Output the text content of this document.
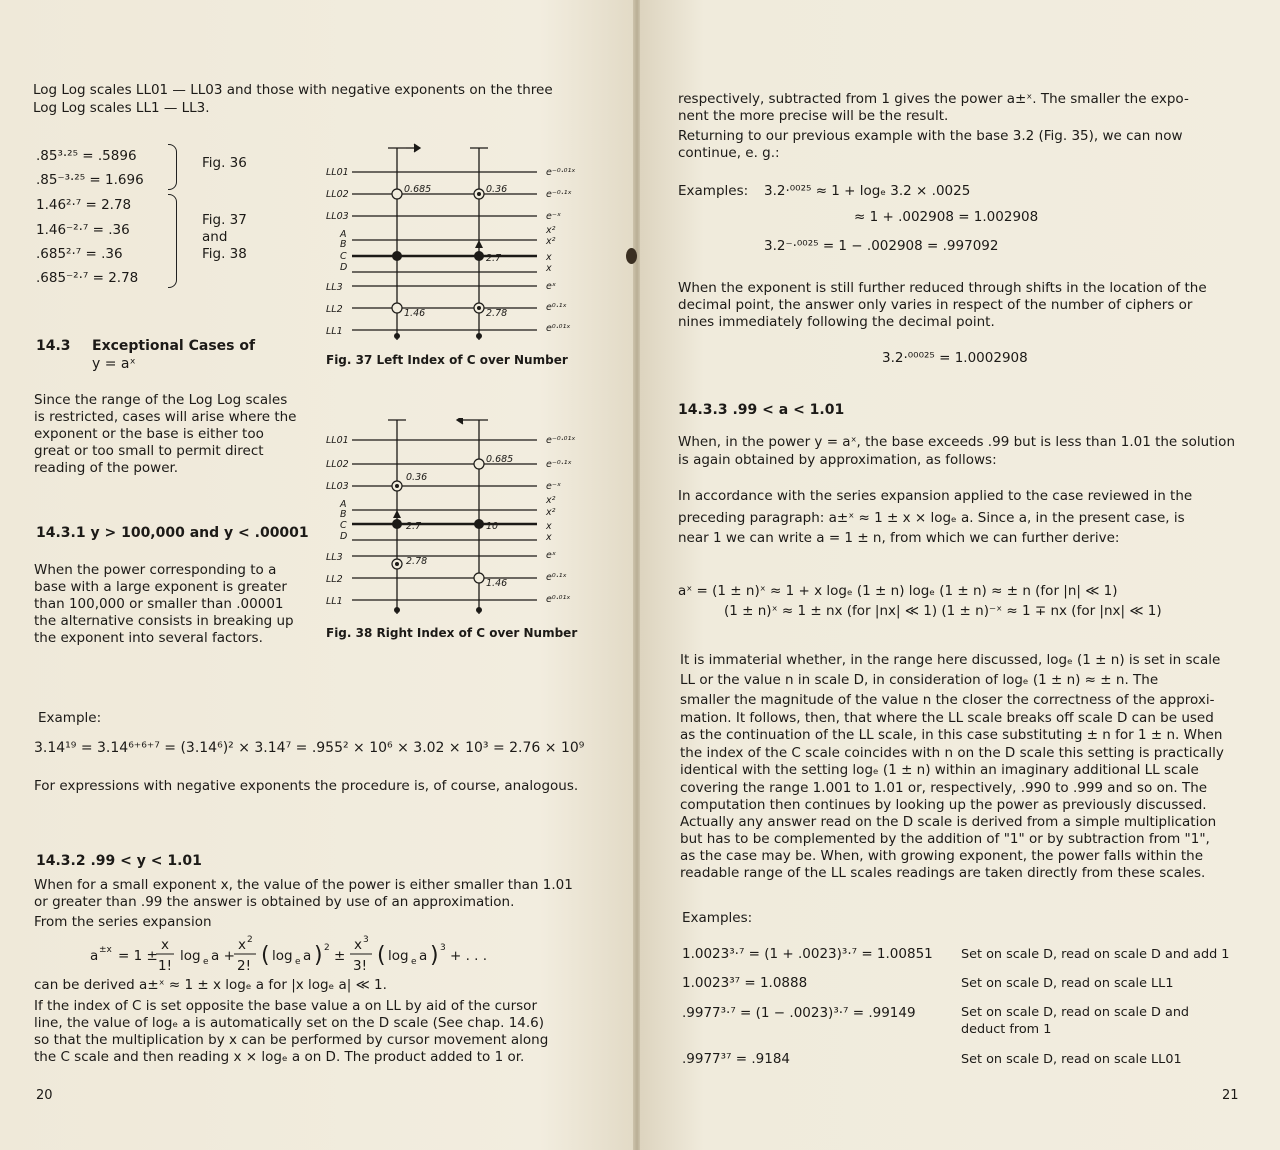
Log Log scales LL01 — LL03 and those with negative exponents on the three
Log Log scales LL1 — LL3.
.85³·²⁵ = .5896
.85⁻³·²⁵ = 1.696
Fig. 36
1.46²·⁷ = 2.78
1.46⁻²·⁷ = .36
.685²·⁷ = .36
.685⁻²·⁷ = 2.78
Fig. 37
and
Fig. 38
14.3 Exceptional Cases of
y = aˣ
Since the range of the Log Log scales
is restricted, cases will arise where the
exponent or the base is either too
great or too small to permit direct
reading of the power.
14.3.1 y > 100,000 and y < .00001
When the power corresponding to a
base with a large exponent is greater
than 100,000 or smaller than .00001
the alternative consists in breaking up
the exponent into several factors.
Example:
3.14¹⁹ = 3.14⁶⁺⁶⁺⁷ = (3.14⁶)² × 3.14⁷ = .955² × 10⁶ × 3.02 × 10³ = 2.76 × 10⁹
For expressions with negative exponents the procedure is, of course, analogous.
14.3.2 .99 < y < 1.01
When for a small exponent x, the value of the power is either smaller than 1.01
or greater than .99 the answer is obtained by use of an approximation.
From the series expansion
a ±x = 1 ±
x
1!
log e a +
x 2
2! ( log e a ) 2 ±
x 3
3! ( log e a ) 3 + . . .
can be derived a±ˣ ≈ 1 ± x logₑ a for |x logₑ a| ≪ 1.
If the index of C is set opposite the base value a on LL by aid of the cursor
line, the value of logₑ a is automatically set on the D scale (See chap. 14.6)
so that the multiplication by x can be performed by cursor movement along
the C scale and then reading x × logₑ a on D. The product added to 1 or.
20
LL01
LL02
LL03
A
B
C
D
LL3
LL2
LL1
e⁻⁰·⁰¹ˣ
e⁻⁰·¹ˣ
e⁻ˣ
x²
x²
x
x
eˣ
e⁰·¹ˣ
e⁰·⁰¹ˣ
0.685	0.36
2.7
1.46	2.78
Fig. 37 Left Index of C over Number
LL01
LL02
LL03
A
B
C
D
LL3
LL2
LL1
e⁻⁰·⁰¹ˣ
e⁻⁰·¹ˣ
e⁻ˣ
x²
x²
x
x
eˣ
e⁰·¹ˣ
e⁰·⁰¹ˣ
0.685
0.36
2.7	10
2.78
1.46
Fig. 38 Right Index of C over Number
respectively, subtracted from 1 gives the power a±ˣ. The smaller the expo-
nent the more precise will be the result.
Returning to our previous example with the base 3.2 (Fig. 35), we can now
continue, e. g.:
Examples: 3.2·⁰⁰²⁵ ≈ 1 + logₑ 3.2 × .0025
≈ 1 + .002908 = 1.002908
3.2⁻·⁰⁰²⁵ = 1 − .002908 = .997092
When the exponent is still further reduced through shifts in the location of the
decimal point, the answer only varies in respect of the number of ciphers or
nines immediately following the decimal point.
3.2·⁰⁰⁰²⁵ = 1.0002908
14.3.3 .99 < a < 1.01
When, in the power y = aˣ, the base exceeds .99 but is less than 1.01 the solution
is again obtained by approximation, as follows:
In accordance with the series expansion applied to the case reviewed in the
preceding paragraph: a±ˣ ≈ 1 ± x × logₑ a. Since a, in the present case, is
near 1 we can write a = 1 ± n, from which we can further derive:
aˣ = (1 ± n)ˣ ≈ 1 + x logₑ (1 ± n) logₑ (1 ± n) ≈ ± n (for |n| ≪ 1)
(1 ± n)ˣ ≈ 1 ± nx (for |nx| ≪ 1) (1 ± n)⁻ˣ ≈ 1 ∓ nx (for |nx| ≪ 1)
It is immaterial whether, in the range here discussed, logₑ (1 ± n) is set in scale
LL or the value n in scale D, in consideration of logₑ (1 ± n) ≈ ± n. The
smaller the magnitude of the value n the closer the correctness of the approxi-
mation. It follows, then, that where the LL scale breaks off scale D can be used
as the continuation of the LL scale, in this case substituting ± n for 1 ± n. When
the index of the C scale coincides with n on the D scale this setting is practically
identical with the setting logₑ (1 ± n) within an imaginary additional LL scale
covering the range 1.001 to 1.01 or, respectively, .990 to .999 and so on. The
computation then continues by looking up the power as previously discussed.
Actually any answer read on the D scale is derived from a simple multiplication
but has to be complemented by the addition of "1" or by subtraction from "1",
as the case may be. When, with growing exponent, the power falls within the
readable range of the LL scales readings are taken directly from these scales.
Examples:
1.0023³·⁷ = (1 + .0023)³·⁷ = 1.00851 Set on scale D, read on scale D and add 1
1.0023³⁷ = 1.0888	Set on scale D, read on scale LL1
.9977³·⁷ = (1 − .0023)³·⁷ = .99149	Set on scale D, read on scale D and
deduct from 1
.9977³⁷ = .9184	Set on scale D, read on scale LL01
21
